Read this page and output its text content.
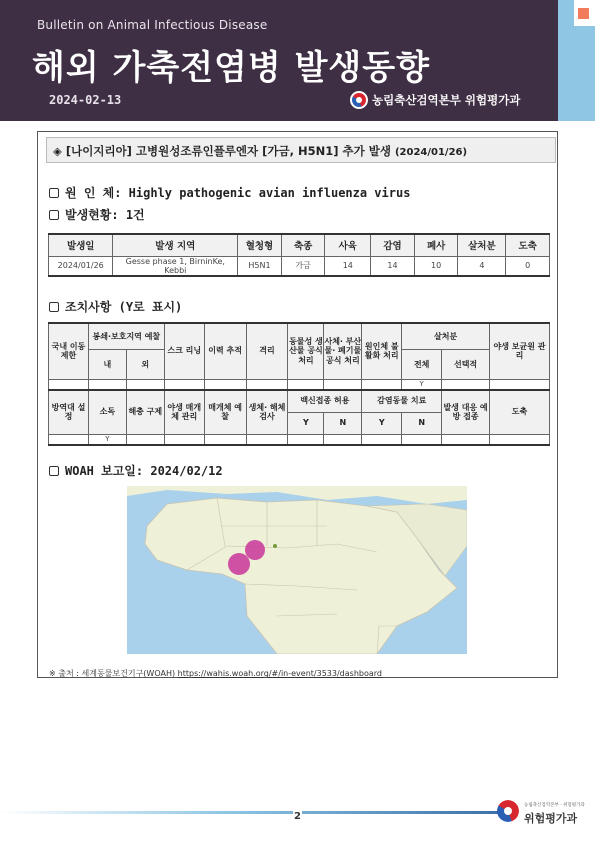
Bulletin on Animal Infectious Disease
해외 가축전염병 발생동향
2024-02-13	농림축산검역본부 위험평가과
◈ [나이지리아] 고병원성조류인플루엔자 [가금, H5N1] 추가 발생 (2024/01/26)
원 인 체: Highly pathogenic avian influenza virus
발생현황: 1건
발생일	발생 지역	혈청형	축종	사육	감염	폐사	살처분	도축
2024/01/26	Gesse phase 1, BirninKe, Kebbi	H5N1	가금	14	14	10	4	0
조치사항 (Y로 표시)
국내 이동 제한	봉쇄·보호지역 예찰		스크 리닝	이력 추적	격리	동물성 생산물 공식 처리	사체· 부산물· 폐기물 공식 처리	원인체 불활화 처리	살처분		야생 보균원 관리
	내	외							전체	선택적	
									Y		
방역대 설정	소독	해충 구제	야생 매개체 관리	매개체 예찰	생체· 해체 검사	백신접종 허용		감염동물 치료		발생 대응 예방 접종	도축
						Y	N	Y	N		
	Y										
WOAH 보고일: 2024/02/12
※ 출처 : 세계동물보건기구(WOAH) https://wahis.woah.org/#/in-event/3533/dashboard
2
농림축산검역본부 · 위험평가과
위험평가과
